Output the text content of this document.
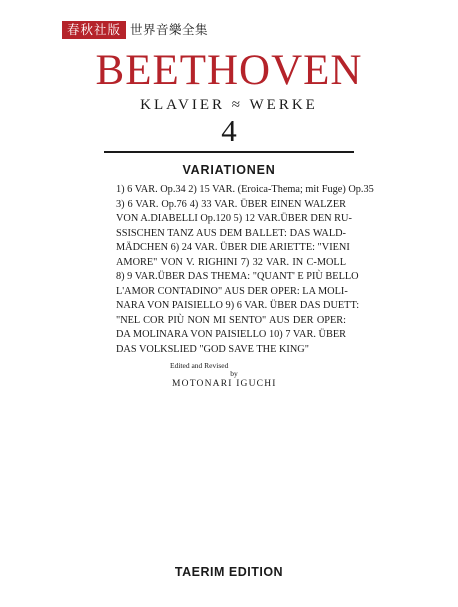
春秋社版 世界音樂全集
BEETHOVEN
KLAVIER ≈ WERKE
4
VARIATIONEN
1) 6 VAR. Op.34 2) 15 VAR. (Eroica-Thema; mit Fuge) Op.35
3) 6 VAR. Op.76 4) 33 VAR. ÜBER EINEN WALZER
VON A.DIABELLI Op.120 5) 12 VAR.ÜBER DEN RU-
SSISCHEN TANZ AUS DEM BALLET: DAS WALD-
MÄDCHEN 6) 24 VAR. ÜBER DIE ARIETTE: "VIENI
AMORE" VON V. RIGHINI 7) 32 VAR. IN C-MOLL
8) 9 VAR.ÜBER DAS THEMA: "QUANT' E PIÙ BELLO
L'AMOR CONTADINO" AUS DER OPER: LA MOLI-
NARA VON PAISIELLO 9) 6 VAR. ÜBER DAS DUETT:
"NEL COR PIÙ NON MI SENTO" AUS DER OPER:
DA MOLINARA VON PAISIELLO 10) 7 VAR. ÜBER
DAS VOLKSLIED "GOD SAVE THE KING"
Edited and Revised
by
MOTONARI IGUCHI
TAERIM EDITION
